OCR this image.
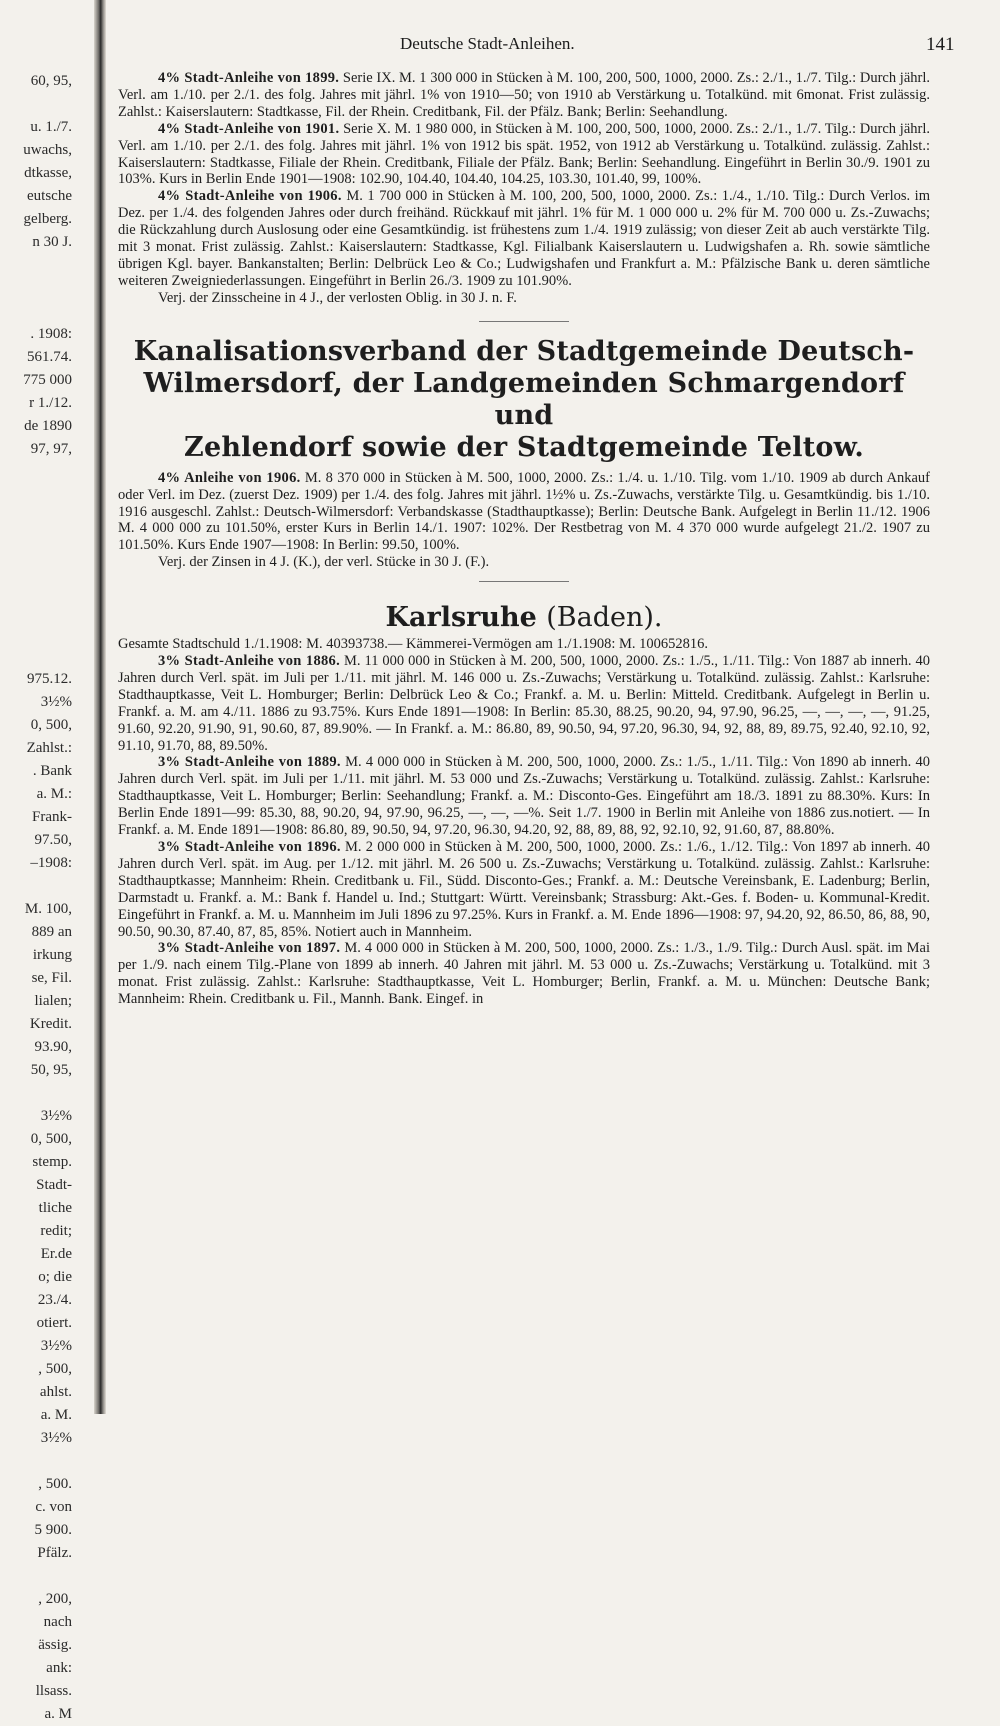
60, 95,
u. 1./7.
uwachs,
dtkasse,
eutsche
gelberg.
n 30 J.
. 1908:
561.74.
775 000
r 1./12.
de 1890
97, 97,
975.12.
3½%
0, 500,
Zahlst.:
. Bank
a. M.:
Frank-
97.50,
–1908:
M. 100,
889 an
irkung
se, Fil.
lialen;
Kredit.
93.90,
50, 95,
3½%
0, 500,
stemp.
Stadt-
tliche
redit;
Er.de
o; die
23./4.
otiert.
3½%
, 500,
ahlst.
a. M.
3½%
, 500.
c. von
5 900.
Pfälz.
, 200,
nach
ässig.
ank:
llsass.
a. M
Deutsche Stadt-Anleihen.	141

4% Stadt-Anleihe von 1899. Serie IX. M. 1 300 000 in Stücken à M. 100, 200, 500, 1000, 2000. Zs.: 2./1., 1./7. Tilg.: Durch jährl. Verl. am 1./10. per 2./1. des folg. Jahres mit jährl. 1% von 1910—50; von 1910 ab Verstärkung u. Totalkünd. mit 6monat. Frist zulässig. Zahlst.: Kaiserslautern: Stadtkasse, Fil. der Rhein. Creditbank, Fil. der Pfälz. Bank; Berlin: Seehandlung.

4% Stadt-Anleihe von 1901. Serie X. M. 1 980 000, in Stücken à M. 100, 200, 500, 1000, 2000. Zs.: 2./1., 1./7. Tilg.: Durch jährl. Verl. am 1./10. per 2./1. des folg. Jahres mit jährl. 1% von 1912 bis spät. 1952, von 1912 ab Verstärkung u. Totalkünd. zulässig. Zahlst.: Kaiserslautern: Stadtkasse, Filiale der Rhein. Creditbank, Filiale der Pfälz. Bank; Berlin: Seehandlung. Eingeführt in Berlin 30./9. 1901 zu 103%. Kurs in Berlin Ende 1901—1908: 102.90, 104.40, 104.40, 104.25, 103.30, 101.40, 99, 100%.

4% Stadt-Anleihe von 1906. M. 1 700 000 in Stücken à M. 100, 200, 500, 1000, 2000. Zs.: 1./4., 1./10. Tilg.: Durch Verlos. im Dez. per 1./4. des folgenden Jahres oder durch freihänd. Rückkauf mit jährl. 1% für M. 1 000 000 u. 2% für M. 700 000 u. Zs.-Zuwachs; die Rückzahlung durch Auslosung oder eine Gesamtkündig. ist frühestens zum 1./4. 1919 zulässig; von dieser Zeit ab auch verstärkte Tilg. mit 3 monat. Frist zulässig. Zahlst.: Kaiserslautern: Stadtkasse, Kgl. Filialbank Kaiserslautern u. Ludwigshafen a. Rh. sowie sämtliche übrigen Kgl. bayer. Bankanstalten; Berlin: Delbrück Leo & Co.; Ludwigshafen und Frankfurt a. M.: Pfälzische Bank u. deren sämtliche weiteren Zweigniederlassungen. Eingeführt in Berlin 26./3. 1909 zu 101.90%.

Verj. der Zinsscheine in 4 J., der verlosten Oblig. in 30 J. n. F.

Kanalisationsverband der Stadtgemeinde Deutsch-
Wilmersdorf, der Landgemeinden Schmargendorf und
Zehlendorf sowie der Stadtgemeinde Teltow.

4% Anleihe von 1906. M. 8 370 000 in Stücken à M. 500, 1000, 2000. Zs.: 1./4. u. 1./10. Tilg. vom 1./10. 1909 ab durch Ankauf oder Verl. im Dez. (zuerst Dez. 1909) per 1./4. des folg. Jahres mit jährl. 1½% u. Zs.-Zuwachs, verstärkte Tilg. u. Gesamtkündig. bis 1./10. 1916 ausgeschl. Zahlst.: Deutsch-Wilmersdorf: Verbandskasse (Stadthauptkasse); Berlin: Deutsche Bank. Aufgelegt in Berlin 11./12. 1906 M. 4 000 000 zu 101.50%, erster Kurs in Berlin 14./1. 1907: 102%. Der Restbetrag von M. 4 370 000 wurde aufgelegt 21./2. 1907 zu 101.50%. Kurs Ende 1907—1908: In Berlin: 99.50, 100%.

Verj. der Zinsen in 4 J. (K.), der verl. Stücke in 30 J. (F.).

Karlsruhe (Baden).

Gesamte Stadtschuld 1./1.1908: M. 40393738.— Kämmerei-Vermögen am 1./1.1908: M. 100652816.

3% Stadt-Anleihe von 1886. M. 11 000 000 in Stücken à M. 200, 500, 1000, 2000. Zs.: 1./5., 1./11. Tilg.: Von 1887 ab innerh. 40 Jahren durch Verl. spät. im Juli per 1./11. mit jährl. M. 146 000 u. Zs.-Zuwachs; Verstärkung u. Totalkünd. zulässig. Zahlst.: Karlsruhe: Stadthauptkasse, Veit L. Homburger; Berlin: Delbrück Leo & Co.; Frankf. a. M. u. Berlin: Mitteld. Creditbank. Aufgelegt in Berlin u. Frankf. a. M. am 4./11. 1886 zu 93.75%. Kurs Ende 1891—1908: In Berlin: 85.30, 88.25, 90.20, 94, 97.90, 96.25, —, —, —, —, 91.25, 91.60, 92.20, 91.90, 91, 90.60, 87, 89.90%. — In Frankf. a. M.: 86.80, 89, 90.50, 94, 97.20, 96.30, 94, 92, 88, 89, 89.75, 92.40, 92.10, 92, 91.10, 91.70, 88, 89.50%.

3% Stadt-Anleihe von 1889. M. 4 000 000 in Stücken à M. 200, 500, 1000, 2000. Zs.: 1./5., 1./11. Tilg.: Von 1890 ab innerh. 40 Jahren durch Verl. spät. im Juli per 1./11. mit jährl. M. 53 000 und Zs.-Zuwachs; Verstärkung u. Totalkünd. zulässig. Zahlst.: Karlsruhe: Stadthauptkasse, Veit L. Homburger; Berlin: Seehandlung; Frankf. a. M.: Disconto-Ges. Eingeführt am 18./3. 1891 zu 88.30%. Kurs: In Berlin Ende 1891—99: 85.30, 88, 90.20, 94, 97.90, 96.25, —, —, —%. Seit 1./7. 1900 in Berlin mit Anleihe von 1886 zus.notiert. — In Frankf. a. M. Ende 1891—1908: 86.80, 89, 90.50, 94, 97.20, 96.30, 94.20, 92, 88, 89, 88, 92, 92.10, 92, 91.60, 87, 88.80%.

3% Stadt-Anleihe von 1896. M. 2 000 000 in Stücken à M. 200, 500, 1000, 2000. Zs.: 1./6., 1./12. Tilg.: Von 1897 ab innerh. 40 Jahren durch Verl. spät. im Aug. per 1./12. mit jährl. M. 26 500 u. Zs.-Zuwachs; Verstärkung u. Totalkünd. zulässig. Zahlst.: Karlsruhe: Stadthauptkasse; Mannheim: Rhein. Creditbank u. Fil., Südd. Disconto-Ges.; Frankf. a. M.: Deutsche Vereinsbank, E. Ladenburg; Berlin, Darmstadt u. Frankf. a. M.: Bank f. Handel u. Ind.; Stuttgart: Württ. Vereinsbank; Strassburg: Akt.-Ges. f. Boden- u. Kommunal-Kredit. Eingeführt in Frankf. a. M. u. Mannheim im Juli 1896 zu 97.25%. Kurs in Frankf. a. M. Ende 1896—1908: 97, 94.20, 92, 86.50, 86, 88, 90, 90.50, 90.30, 87.40, 87, 85, 85%. Notiert auch in Mannheim.

3% Stadt-Anleihe von 1897. M. 4 000 000 in Stücken à M. 200, 500, 1000, 2000. Zs.: 1./3., 1./9. Tilg.: Durch Ausl. spät. im Mai per 1./9. nach einem Tilg.-Plane von 1899 ab innerh. 40 Jahren mit jährl. M. 53 000 u. Zs.-Zuwachs; Verstärkung u. Totalkünd. mit 3 monat. Frist zulässig. Zahlst.: Karlsruhe: Stadthauptkasse, Veit L. Homburger; Berlin, Frankf. a. M. u. München: Deutsche Bank; Mannheim: Rhein. Creditbank u. Fil., Mannh. Bank. Eingef. in
